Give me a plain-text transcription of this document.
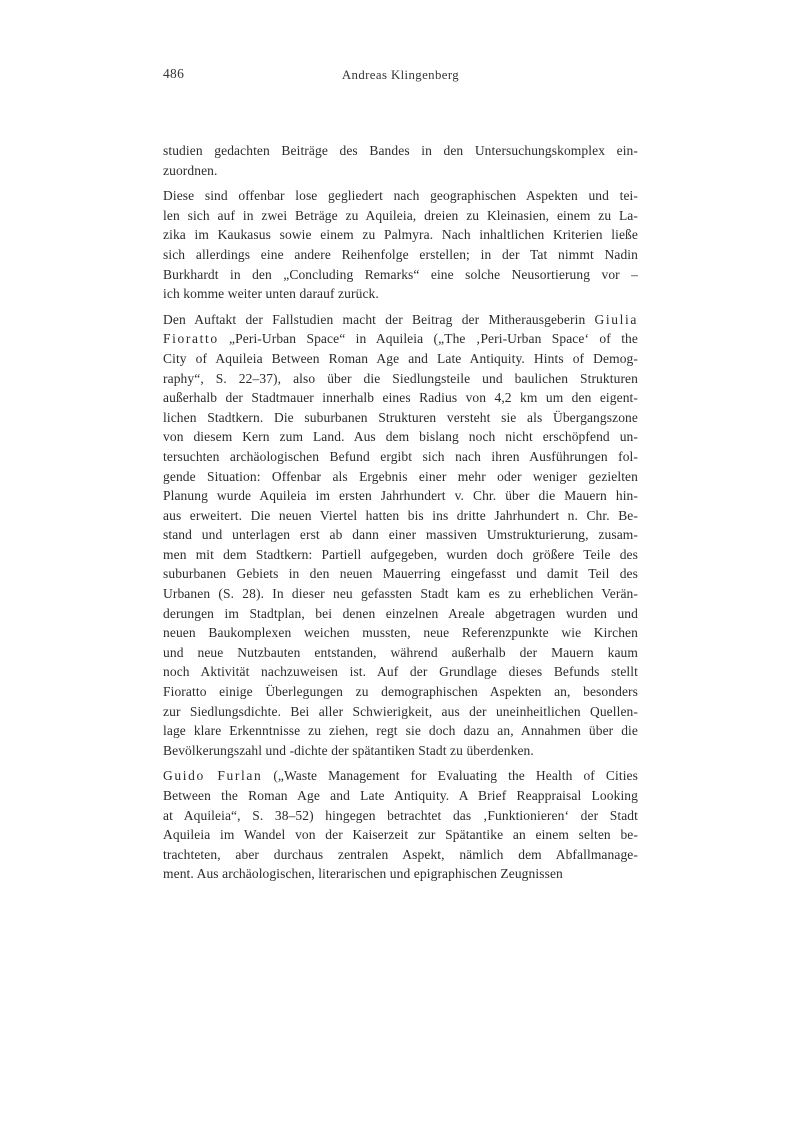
486	Andreas Klingenberg
studien gedachten Beiträge des Bandes in den Untersuchungskomplex ein-
zuordnen.
Diese sind offenbar lose gegliedert nach geographischen Aspekten und tei-
len sich auf in zwei Beträge zu Aquileia, dreien zu Kleinasien, einem zu La-
zika im Kaukasus sowie einem zu Palmyra. Nach inhaltlichen Kriterien ließe
sich allerdings eine andere Reihenfolge erstellen; in der Tat nimmt Nadin
Burkhardt in den „Concluding Remarks“ eine solche Neusortierung vor –
ich komme weiter unten darauf zurück.
Den Auftakt der Fallstudien macht der Beitrag der Mitherausgeberin Giulia
Fioratto „Peri-Urban Space“ in Aquileia („The ‚Peri-Urban Space‘ of the
City of Aquileia Between Roman Age and Late Antiquity. Hints of Demog-
raphy“, S. 22–37), also über die Siedlungsteile und baulichen Strukturen
außerhalb der Stadtmauer innerhalb eines Radius von 4,2 km um den eigent-
lichen Stadtkern. Die suburbanen Strukturen versteht sie als Übergangszone
von diesem Kern zum Land. Aus dem bislang noch nicht erschöpfend un-
tersuchten archäologischen Befund ergibt sich nach ihren Ausführungen fol-
gende Situation: Offenbar als Ergebnis einer mehr oder weniger gezielten
Planung wurde Aquileia im ersten Jahrhundert v. Chr. über die Mauern hin-
aus erweitert. Die neuen Viertel hatten bis ins dritte Jahrhundert n. Chr. Be-
stand und unterlagen erst ab dann einer massiven Umstrukturierung, zusam-
men mit dem Stadtkern: Partiell aufgegeben, wurden doch größere Teile des
suburbanen Gebiets in den neuen Mauerring eingefasst und damit Teil des
Urbanen (S. 28). In dieser neu gefassten Stadt kam es zu erheblichen Verän-
derungen im Stadtplan, bei denen einzelnen Areale abgetragen wurden und
neuen Baukomplexen weichen mussten, neue Referenzpunkte wie Kirchen
und neue Nutzbauten entstanden, während außerhalb der Mauern kaum
noch Aktivität nachzuweisen ist. Auf der Grundlage dieses Befunds stellt
Fioratto einige Überlegungen zu demographischen Aspekten an, besonders
zur Siedlungsdichte. Bei aller Schwierigkeit, aus der uneinheitlichen Quellen-
lage klare Erkenntnisse zu ziehen, regt sie doch dazu an, Annahmen über die
Bevölkerungszahl und -dichte der spätantiken Stadt zu überdenken.
Guido Furlan („Waste Management for Evaluating the Health of Cities
Between the Roman Age and Late Antiquity. A Brief Reappraisal Looking
at Aquileia“, S. 38–52) hingegen betrachtet das ‚Funktionieren‘ der Stadt
Aquileia im Wandel von der Kaiserzeit zur Spätantike an einem selten be-
trachteten, aber durchaus zentralen Aspekt, nämlich dem Abfallmanage-
ment. Aus archäologischen, literarischen und epigraphischen Zeugnissen
